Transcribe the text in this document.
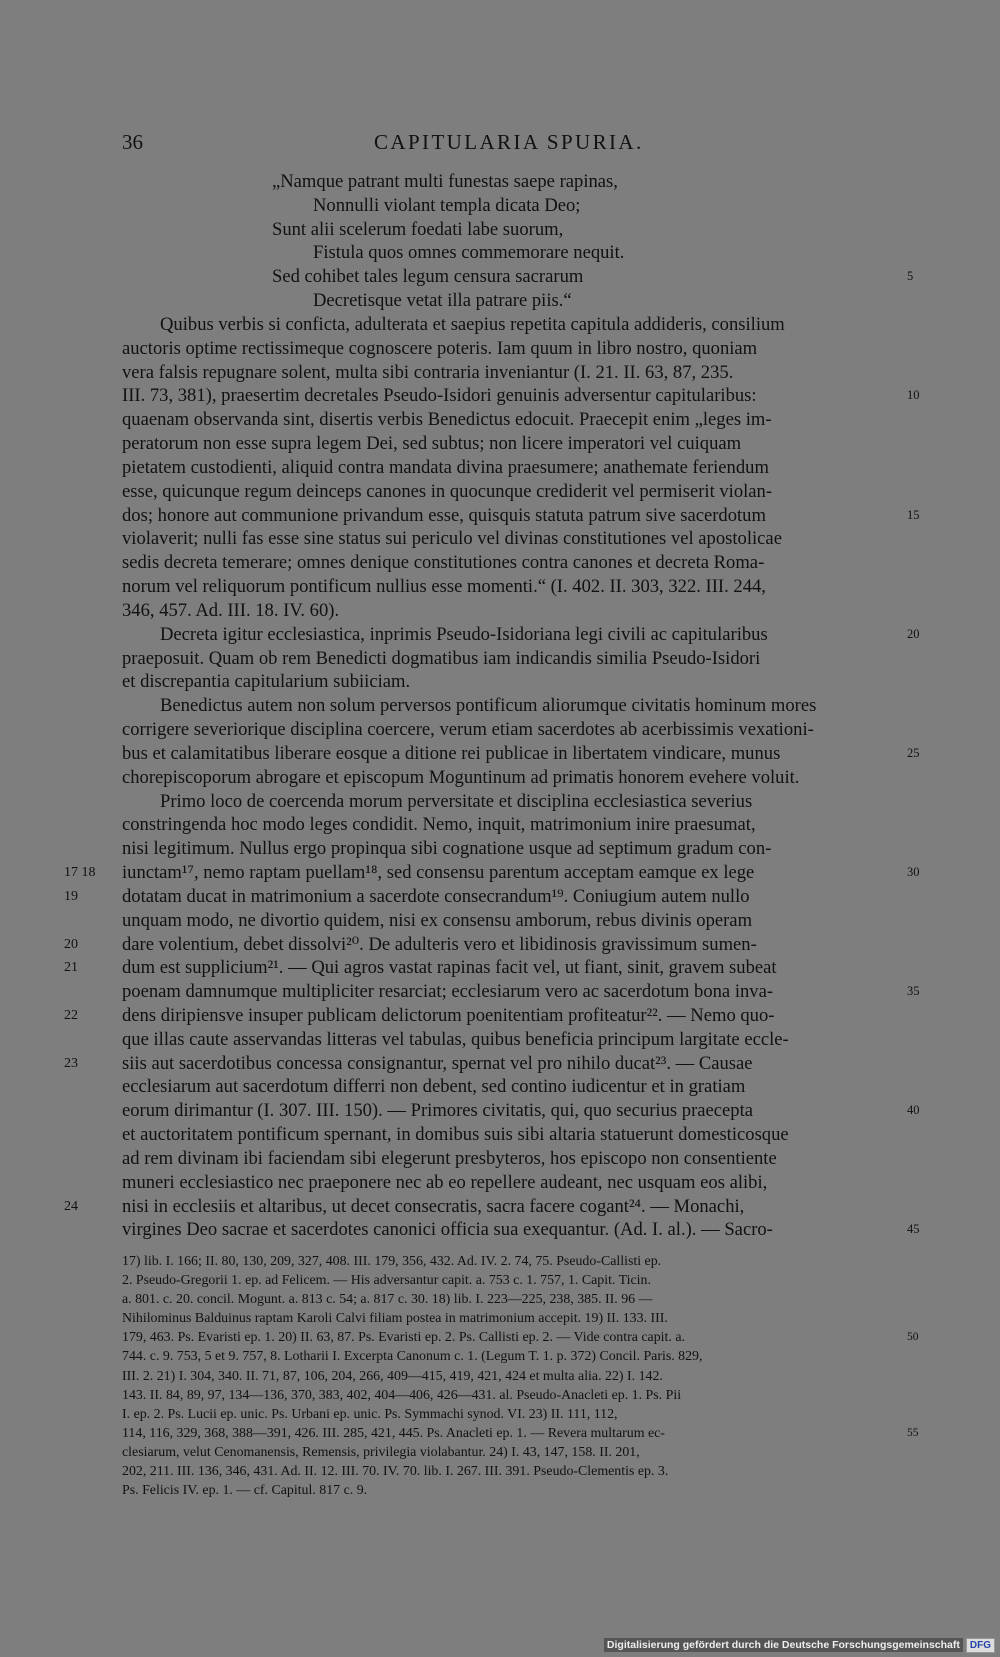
36	CAPITULARIA SPURIA.
„Namque patrant multi funestas saepe rapinas,
Nonnulli violant templa dicata Deo;
Sunt alii scelerum foedati labe suorum,
Fistula quos omnes commemorare nequit.
Sed cohibet tales legum censura sacrarum	5
Decretisque vetat illa patrare piis.“
Quibus verbis si conficta, adulterata et saepius repetita capitula addideris, consilium
auctoris optime rectissimeque cognoscere poteris. Iam quum in libro nostro, quoniam
vera falsis repugnare solent, multa sibi contraria inveniantur (I. 21. II. 63, 87, 235.
III. 73, 381), praesertim decretales Pseudo-Isidori genuinis adversentur capitularibus:	10
quaenam observanda sint, disertis verbis Benedictus edocuit. Praecepit enim „leges im-
peratorum non esse supra legem Dei, sed subtus; non licere imperatori vel cuiquam
pietatem custodienti, aliquid contra mandata divina praesumere; anathemate feriendum
esse, quicunque regum deinceps canones in quocunque crediderit vel permiserit violan-
dos; honore aut communione privandum esse, quisquis statuta patrum sive sacerdotum	15
violaverit; nulli fas esse sine status sui periculo vel divinas constitutiones vel apostolicae
sedis decreta temerare; omnes denique constitutiones contra canones et decreta Roma-
norum vel reliquorum pontificum nullius esse momenti.“ (I. 402. II. 303, 322. III. 244,
346, 457. Ad. III. 18. IV. 60).
Decreta igitur ecclesiastica, inprimis Pseudo-Isidoriana legi civili ac capitularibus	20
praeposuit. Quam ob rem Benedicti dogmatibus iam indicandis similia Pseudo-Isidori
et discrepantia capitularium subiiciam.
Benedictus autem non solum perversos pontificum aliorumque civitatis hominum mores
corrigere severiorique disciplina coercere, verum etiam sacerdotes ab acerbissimis vexationi-
bus et calamitatibus liberare eosque a ditione rei publicae in libertatem vindicare, munus	25
chorepiscoporum abrogare et episcopum Moguntinum ad primatis honorem evehere voluit.
Primo loco de coercenda morum perversitate et disciplina ecclesiastica severius
constringenda hoc modo leges condidit. Nemo, inquit, matrimonium inire praesumat,
nisi legitimum. Nullus ergo propinqua sibi cognatione usque ad septimum gradum con-
17 18	iunctam¹⁷, nemo raptam puellam¹⁸, sed consensu parentum acceptam eamque ex lege	30
19	dotatam ducat in matrimonium a sacerdote consecrandum¹⁹. Coniugium autem nullo
unquam modo, ne divortio quidem, nisi ex consensu amborum, rebus divinis operam
20	dare volentium, debet dissolvi²⁰. De adulteris vero et libidinosis gravissimum sumen-
21	dum est supplicium²¹. — Qui agros vastat rapinas facit vel, ut fiant, sinit, gravem subeat
poenam damnumque multipliciter resarciat; ecclesiarum vero ac sacerdotum bona inva-	35
22	dens diripiensve insuper publicam delictorum poenitentiam profiteatur²². — Nemo quo-
que illas caute asservandas litteras vel tabulas, quibus beneficia principum largitate eccle-
23	siis aut sacerdotibus concessa consignantur, spernat vel pro nihilo ducat²³. — Causae
ecclesiarum aut sacerdotum differri non debent, sed contino iudicentur et in gratiam
eorum dirimantur (I. 307. III. 150). — Primores civitatis, qui, quo securius praecepta	40
et auctoritatem pontificum spernant, in domibus suis sibi altaria statuerunt domesticosque
ad rem divinam ibi faciendam sibi elegerunt presbyteros, hos episcopo non consentiente
muneri ecclesiastico nec praeponere nec ab eo repellere audeant, nec usquam eos alibi,
24	nisi in ecclesiis et altaribus, ut decet consecratis, sacra facere cogant²⁴. — Monachi,
virgines Deo sacrae et sacerdotes canonici officia sua exequantur. (Ad. I. al.). — Sacro-	45
17) lib. I. 166; II. 80, 130, 209, 327, 408. III. 179, 356, 432. Ad. IV. 2. 74, 75. Pseudo-Callisti ep.
2. Pseudo-Gregorii 1. ep. ad Felicem. — His adversantur capit. a. 753 c. 1. 757, 1. Capit. Ticin.
a. 801. c. 20. concil. Mogunt. a. 813 c. 54; a. 817 c. 30. 18) lib. I. 223—225, 238, 385. II. 96 —
Nihilominus Balduinus raptam Karoli Calvi filiam postea in matrimonium accepit. 19) II. 133. III.
179, 463. Ps. Evaristi ep. 1. 20) II. 63, 87. Ps. Evaristi ep. 2. Ps. Callisti ep. 2. — Vide contra capit. a.	50
744. c. 9. 753, 5 et 9. 757, 8. Lotharii I. Excerpta Canonum c. 1. (Legum T. 1. p. 372) Concil. Paris. 829,
III. 2. 21) I. 304, 340. II. 71, 87, 106, 204, 266, 409—415, 419, 421, 424 et multa alia. 22) I. 142.
143. II. 84, 89, 97, 134—136, 370, 383, 402, 404—406, 426—431. al. Pseudo-Anacleti ep. 1. Ps. Pii
I. ep. 2. Ps. Lucii ep. unic. Ps. Urbani ep. unic. Ps. Symmachi synod. VI. 23) II. 111, 112,
114, 116, 329, 368, 388—391, 426. III. 285, 421, 445. Ps. Anacleti ep. 1. — Revera multarum ec-	55
clesiarum, velut Cenomanensis, Remensis, privilegia violabantur. 24) I. 43, 147, 158. II. 201,
202, 211. III. 136, 346, 431. Ad. II. 12. III. 70. IV. 70. lib. I. 267. III. 391. Pseudo-Clementis ep. 3.
Ps. Felicis IV. ep. 1. — cf. Capitul. 817 c. 9.
Digitalisierung gefördert durch die Deutsche Forschungsgemeinschaft	DFG
